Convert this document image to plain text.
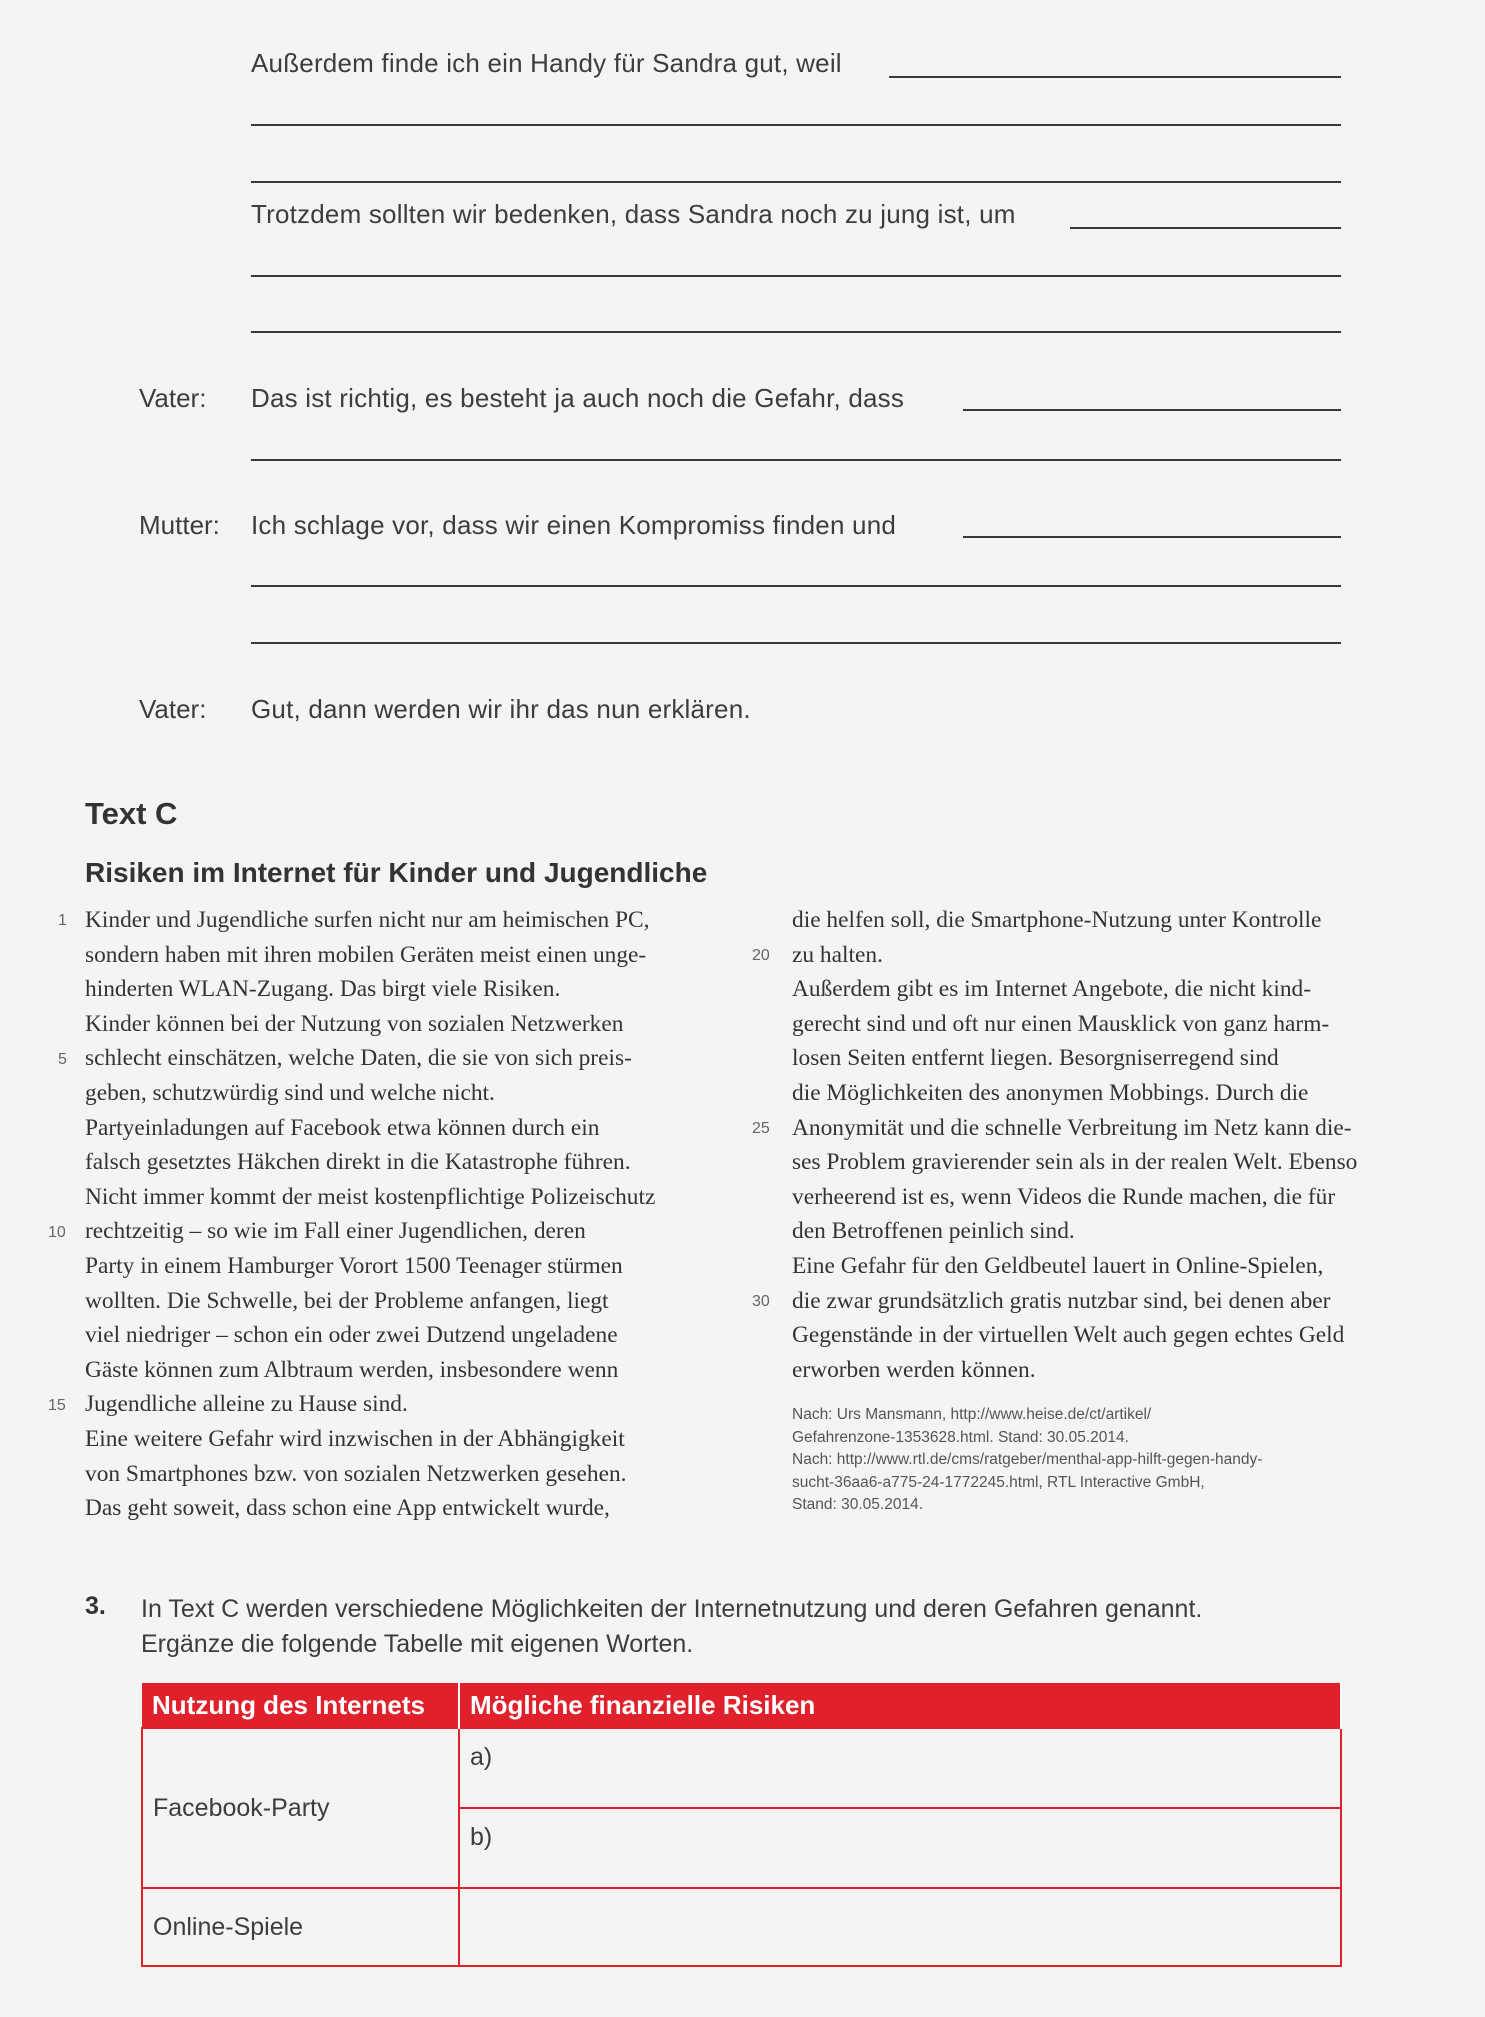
Außerdem finde ich ein Handy für Sandra gut, weil
Trotzdem sollten wir bedenken, dass Sandra noch zu jung ist, um
Vater: Das ist richtig, es besteht ja auch noch die Gefahr, dass
Mutter: Ich schlage vor, dass wir einen Kompromiss finden und
Vater: Gut, dann werden wir ihr das nun erklären.
Text C
Risiken im Internet für Kinder und Jugendliche

Kinder und Jugendliche surfen nicht nur am heimischen PC,

sondern haben mit ihren mobilen Geräten meist einen unge-

hinderten WLAN-Zugang. Das birgt viele Risiken.

Kinder können bei der Nutzung von sozialen Netzwerken

schlecht einschätzen, welche Daten, die sie von sich preis-

geben, schutzwürdig sind und welche nicht.

Partyeinladungen auf Facebook etwa können durch ein

falsch gesetztes Häkchen direkt in die Katastrophe führen.

Nicht immer kommt der meist kostenpflichtige Polizeischutz

rechtzeitig – so wie im Fall einer Jugendlichen, deren

Party in einem Hamburger Vorort 1500 Teenager stürmen

wollten. Die Schwelle, bei der Probleme anfangen, liegt

viel niedriger – schon ein oder zwei Dutzend ungeladene

Gäste können zum Albtraum werden, insbesondere wenn

Jugendliche alleine zu Hause sind.

Eine weitere Gefahr wird inzwischen in der Abhängigkeit

von Smartphones bzw. von sozialen Netzwerken gesehen.

Das geht soweit, dass schon eine App entwickelt wurde,

1
5
10
15

die helfen soll, die Smartphone-Nutzung unter Kontrolle

zu halten.

Außerdem gibt es im Internet Angebote, die nicht kind-

gerecht sind und oft nur einen Mausklick von ganz harm-

losen Seiten entfernt liegen. Besorgniserregend sind

die Möglichkeiten des anonymen Mobbings. Durch die

Anonymität und die schnelle Verbreitung im Netz kann die-

ses Problem gravierender sein als in der realen Welt. Ebenso

verheerend ist es, wenn Videos die Runde machen, die für

den Betroffenen peinlich sind.

Eine Gefahr für den Geldbeutel lauert in Online-Spielen,

die zwar grundsätzlich gratis nutzbar sind, bei denen aber

Gegenstände in der virtuellen Welt auch gegen echtes Geld

erworben werden können.

20
25
30

Nach: Urs Mansmann, http://www.heise.de/ct/artikel/

Gefahrenzone-1353628.html. Stand: 30.05.2014.

Nach: http://www.rtl.de/cms/ratgeber/menthal-app-hilft-gegen-handy-

sucht-36aa6-a775-24-1772245.html, RTL Interactive GmbH,

Stand: 30.05.2014.

3. In Text C werden verschiedene Möglichkeiten der Internetnutzung und deren Gefahren genannt.

Ergänze die folgende Tabelle mit eigenen Worten.

Nutzung des Internets	Mögliche finanzielle Risiken
Facebook-Party	a)
	b)
Online-Spiele	
